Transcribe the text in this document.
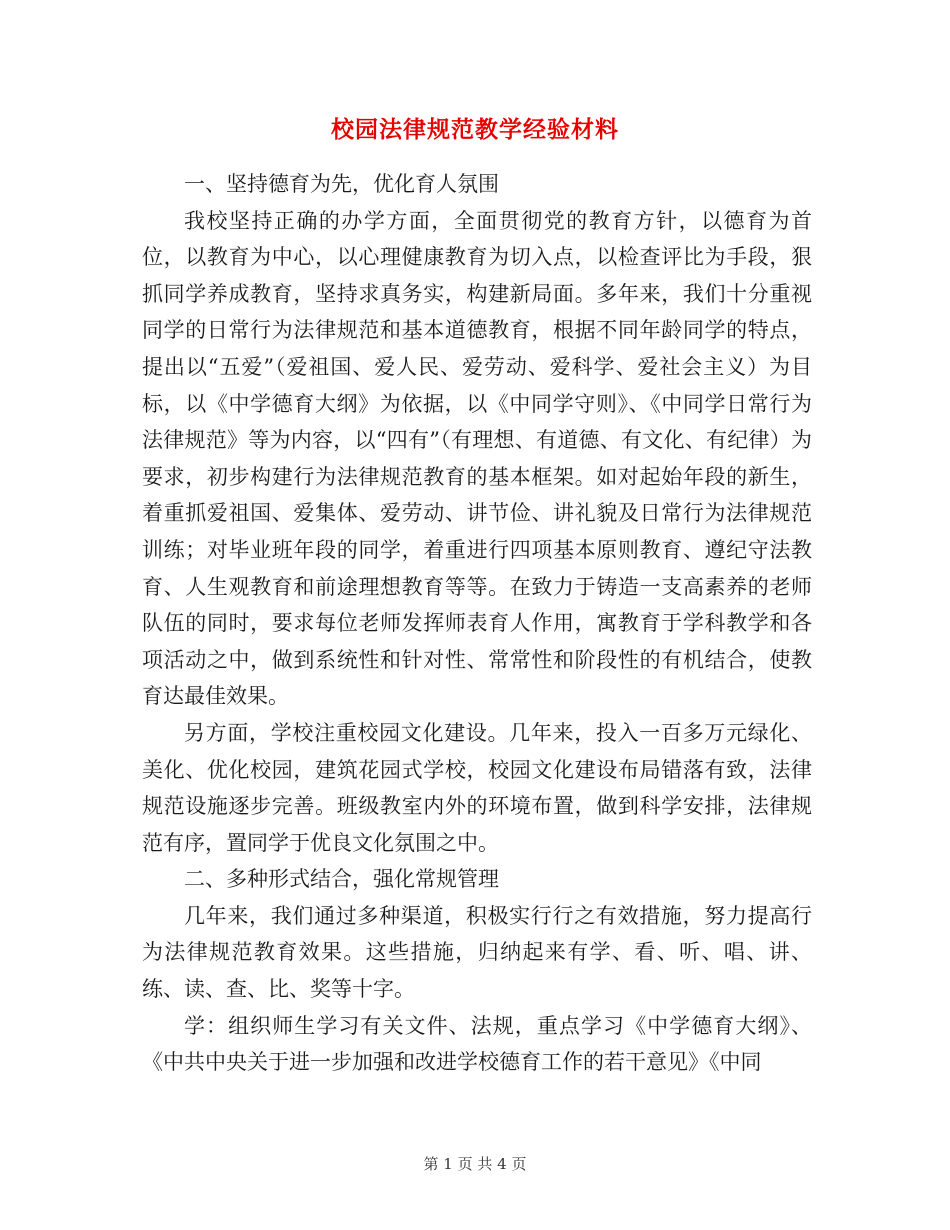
校园法律规范教学经验材料

一、坚持德育为先，优化育人氛围

我校坚持正确的办学方面，全面贯彻党的教育方针，以德育为首位，以教育为中心，以心理健康教育为切入点，以检查评比为手段，狠抓同学养成教育，坚持求真务实，构建新局面。多年来，我们十分重视同学的日常行为法律规范和基本道德教育，根据不同年龄同学的特点，提出以“五爱”（爱祖国、爱人民、爱劳动、爱科学、爱社会主义）为目标，以《中学德育大纲》为依据，以《中同学守则》、《中同学日常行为法律规范》等为内容，以“四有”（有理想、有道德、有文化、有纪律）为要求，初步构建行为法律规范教育的基本框架。如对起始年段的新生，着重抓爱祖国、爱集体、爱劳动、讲节俭、讲礼貌及日常行为法律规范训练；对毕业班年段的同学，着重进行四项基本原则教育、遵纪守法教育、人生观教育和前途理想教育等等。在致力于铸造一支高素养的老师队伍的同时，要求每位老师发挥师表育人作用，寓教育于学科教学和各项活动之中，做到系统性和针对性、常常性和阶段性的有机结合，使教育达最佳效果。

另方面，学校注重校园文化建设。几年来，投入一百多万元绿化、美化、优化校园，建筑花园式学校，校园文化建设布局错落有致，法律规范设施逐步完善。班级教室内外的环境布置，做到科学安排，法律规范有序，置同学于优良文化氛围之中。

二、多种形式结合，强化常规管理

几年来，我们通过多种渠道，积极实行行之有效措施，努力提高行为法律规范教育效果。这些措施，归纳起来有学、看、听、唱、讲、练、读、查、比、奖等十字。

学：组织师生学习有关文件、法规，重点学习《中学德育大纲》、《中共中央关于进一步加强和改进学校德育工作的若干意见》《中同

第 1 页 共 4 页
